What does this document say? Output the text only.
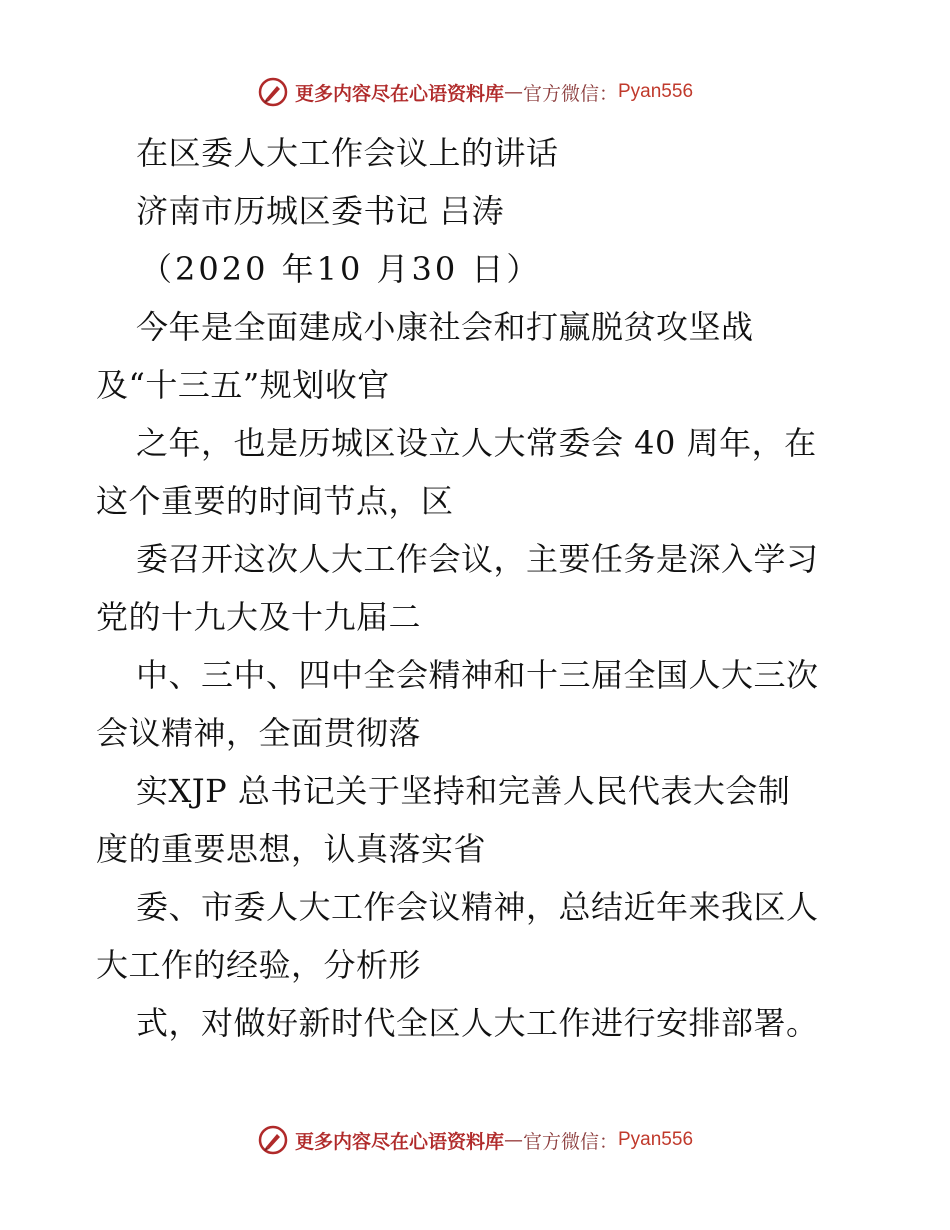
更多内容尽在心语资料库 — 官方微信： Pyan556
在区委人大工作会议上的讲话
济南市历城区委书记 吕涛
（2020 年10 月30 日）
今年是全面建成小康社会和打赢脱贫攻坚战
及“十三五”规划收官
之年，也是历城区设立人大常委会 40 周年，在
这个重要的时间节点，区
委召开这次人大工作会议，主要任务是深入学习
党的十九大及十九届二
中、三中、四中全会精神和十三届全国人大三次
会议精神，全面贯彻落
实XJP 总书记关于坚持和完善人民代表大会制
度的重要思想，认真落实省
委、市委人大工作会议精神，总结近年来我区人
大工作的经验，分析形
式，对做好新时代全区人大工作进行安排部署。
更多内容尽在心语资料库 — 官方微信： Pyan556
